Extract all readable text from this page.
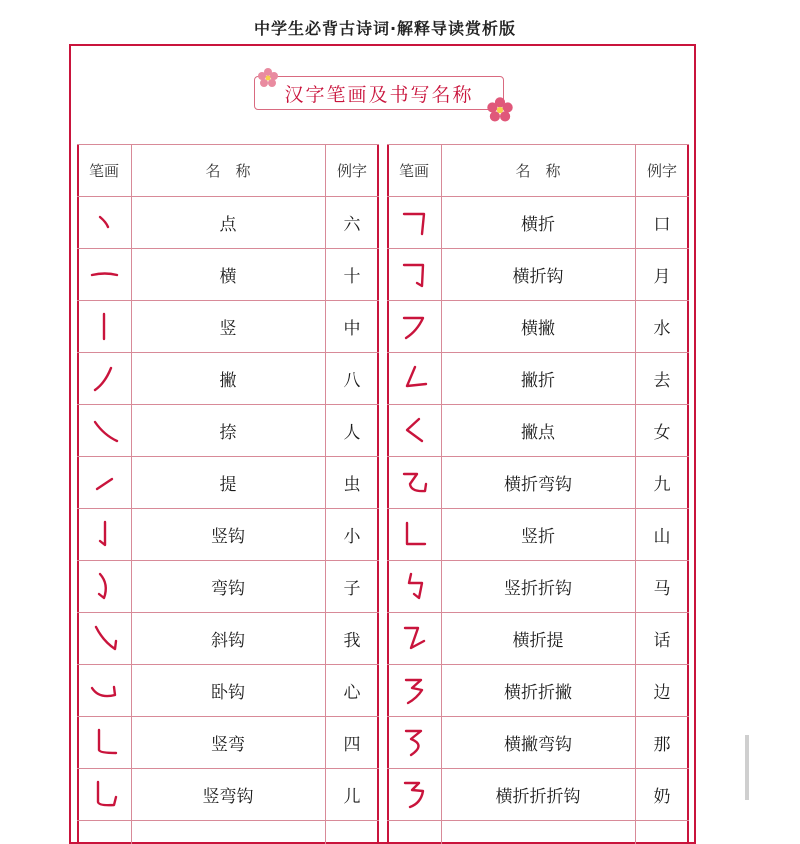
中学生必背古诗词·解释导读赏析版
汉字笔画及书写名称
笔画	名　称	例字
点	六
横	十
竖	中
撇	八
捺	人
提	虫
竖钩	小
弯钩	子
斜钩	我
卧钩	心
竖弯	四
竖弯钩	儿
笔画	名　称	例字
横折	口
横折钩	月
横撇	水
撇折	去
撇点	女
横折弯钩	九
竖折	山
竖折折钩	马
横折提	话
横折折撇	边
横撇弯钩	那
横折折折钩	奶
